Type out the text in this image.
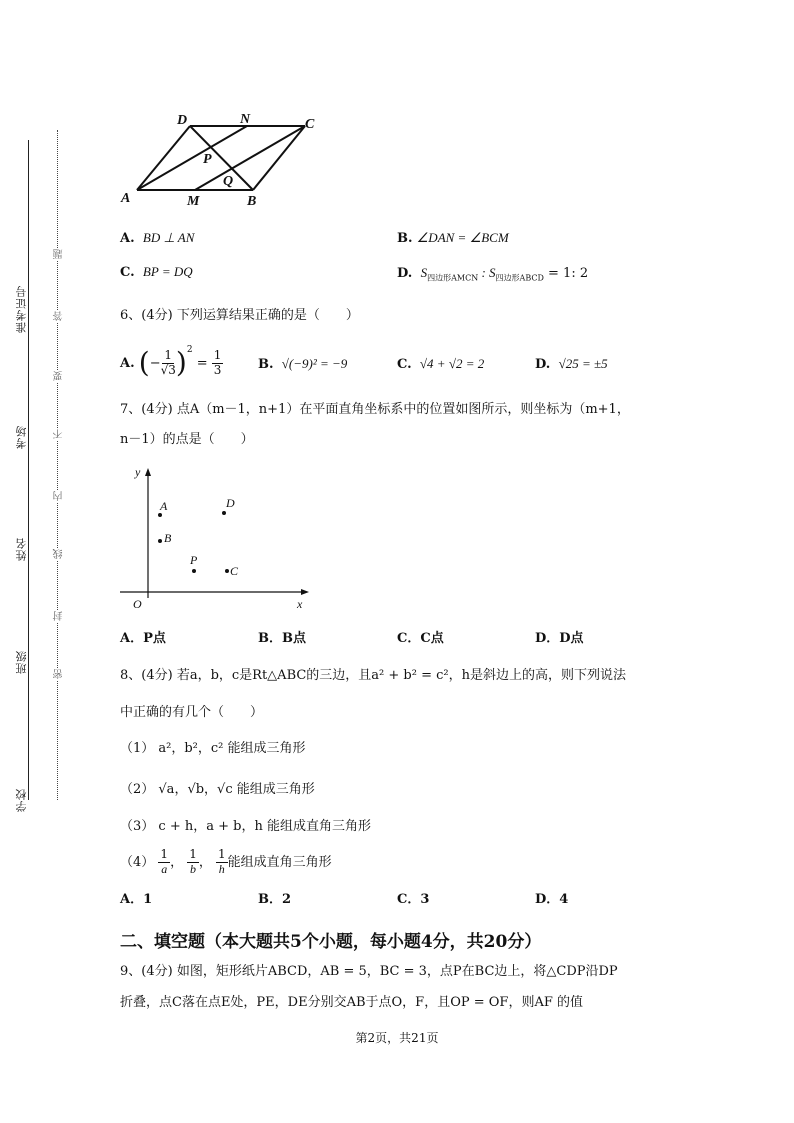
准考证号
考场
姓名
班级
学校
题
答
要
不
内
线
封
密
D	N	C
P
Q
A	M	B
A. BD ⊥ AN	B. ∠DAN = ∠BCM
C. BP = DQ	D. $S_{四边形AMCN}$ : $S_{四边形ABCD} = 1$: 2
6、(4分) 下列运算结果正确的是（　　）
A.
( − $\frac{1}{√3} )^2$

=
$\frac{1}{3}$	B. √(−9)² = −9	C. √4 + √2 = 2	D. √25 = ±5
7、(4分) 点A（m－1，n+1）在平面直角坐标系中的位置如图所示，则坐标为（m+1，
n－1）的点是（　　）
y
x
O
A	D
B
P
C
A．P点	B．B点	C．C点	D．D点
8、(4分) 若a，b，c是Rt△ABC的三边，且a² + b² = c²，h是斜边上的高，则下列说法
中正确的有几个（　　）
（1） a²，b²，c² 能组成三角形
（2） √a，√b，√c 能组成三角形
（3） c + h，a + b，h 能组成直角三角形
（4）
$\frac{1}{a}$ ， $\frac{1}{b}$ ， $\frac{1}{h}$ 能组成直角三角形
A．1	B．2	C．3	D．4
二、填空题（本大题共5个小题，每小题4分，共20分）
9、(4分) 如图，矩形纸片ABCD，AB = 5，BC = 3，点P在BC边上，将△CDP沿DP
折叠，点C落在点E处，PE，DE分别交AB于点O，F，且OP = OF，则AF 的值
第2页，共21页
